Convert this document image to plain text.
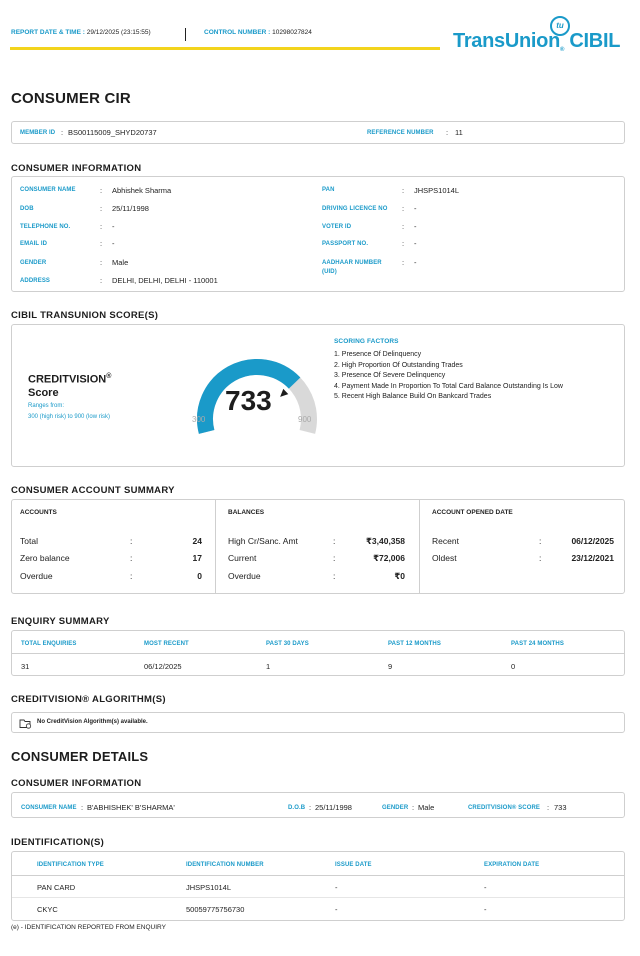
REPORT DATE & TIME : 29/12/2025 (23:15:55)	CONTROL NUMBER : 10298027824
tu
TransUnion® CIBIL
CONSUMER CIR
MEMBER ID : BS00115009_SHYD20737	REFERENCE NUMBER : 11
CONSUMER INFORMATION
CONSUMER NAME	: Abhishek Sharma
DOB	: 25/11/1998
TELEPHONE NO.	: -
EMAIL ID	: -
GENDER	: Male
ADDRESS	: DELHI, DELHI, DELHI - 110001
PAN	: JHSPS1014L
DRIVING LICENCE NO : -
VOTER ID	: -
PASSPORT NO.	: -
AADHAAR NUMBER
(UID)
: -
CIBIL TRANSUNION SCORE(S)
CREDITVISION®
Score
Ranges from:
300 (high risk) to 900 (low risk)
733
300	900
SCORING FACTORS
1. Presence Of Delinquency
2. High Proportion Of Outstanding Trades
3. Presence Of Severe Delinquency
4. Payment Made In Proportion To Total Card Balance Outstanding Is Low
5. Recent High Balance Build On Bankcard Trades
CONSUMER ACCOUNT SUMMARY
ACCOUNTS
Total	:	24
Zero balance	:	17
Overdue	:	0
BALANCES
High Cr/Sanc. Amt	:	₹3,40,358
Current	:	₹72,006
Overdue	:	₹0
ACCOUNT OPENED DATE
Recent	:	06/12/2025
Oldest	:	23/12/2021
ENQUIRY SUMMARY
TOTAL ENQUIRIES	MOST RECENT	PAST 30 DAYS	PAST 12 MONTHS	PAST 24 MONTHS
31	06/12/2025	1	9	0
CREDITVISION® ALGORITHM(S)
No CreditVision Algorithm(s) available.
CONSUMER DETAILS
CONSUMER INFORMATION
CONSUMER NAME : B'ABHISHEK' B'SHARMA'	D.O.B : 25/11/1998	GENDER : Male	CREDITVISION® SCORE : 733
IDENTIFICATION(S)
IDENTIFICATION TYPE	IDENTIFICATION NUMBER	ISSUE DATE	EXPIRATION DATE
PAN CARD	JHSPS1014L	-	-
CKYC	50059775756730	-	-
(e) - IDENTIFICATION REPORTED FROM ENQUIRY
